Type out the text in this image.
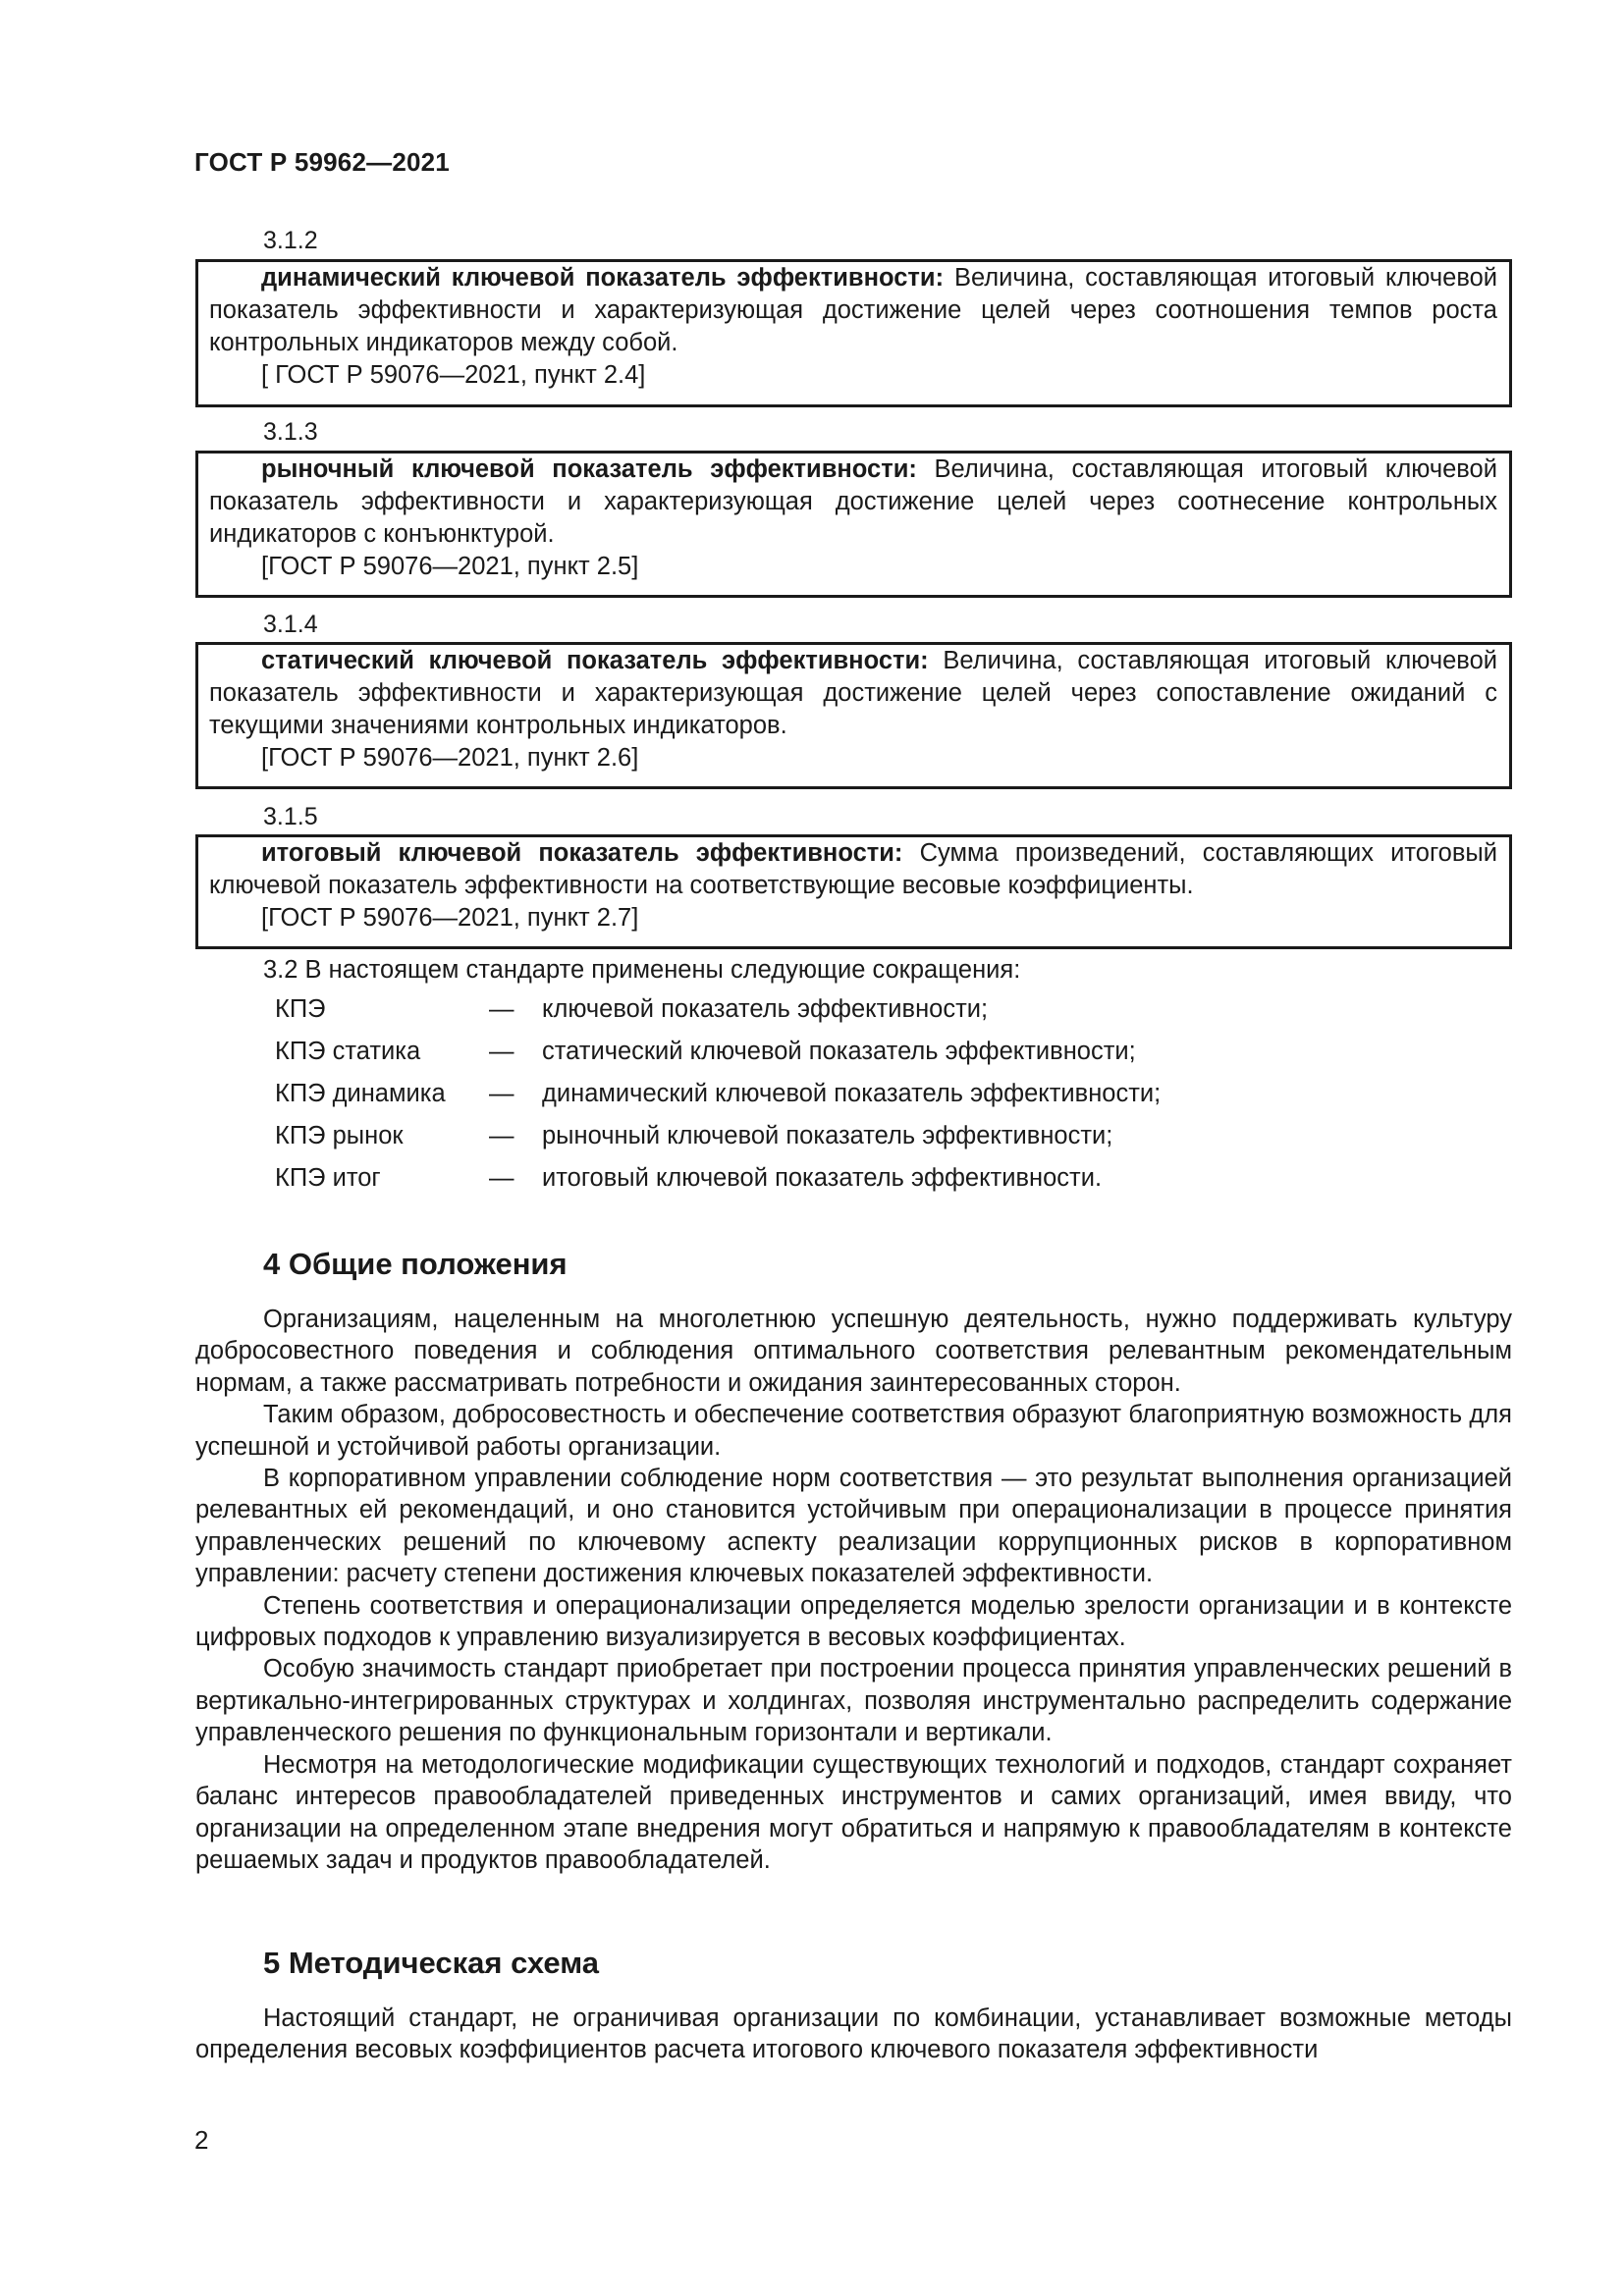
ГОСТ Р 59962—2021
3.1.2

динамический ключевой показатель эффективности: Величина, составляющая итоговый ключевой показатель эффективности и характеризующая достижение целей через соотношения темпов роста контрольных индикаторов между собой.

[ ГОСТ Р 59076—2021, пункт 2.4]

3.1.3

рыночный ключевой показатель эффективности: Величина, составляющая итоговый ключевой показатель эффективности и характеризующая достижение целей через соотнесение контрольных индикаторов с конъюнктурой.

[ГОСТ Р 59076—2021, пункт 2.5]

3.1.4

статический ключевой показатель эффективности: Величина, составляющая итоговый ключевой показатель эффективности и характеризующая достижение целей через сопоставление ожиданий с текущими значениями контрольных индикаторов.

[ГОСТ Р 59076—2021, пункт 2.6]

3.1.5

итоговый ключевой показатель эффективности: Сумма произведений, составляющих итоговый ключевой показатель эффективности на соответствующие весовые коэффициенты.

[ГОСТ Р 59076—2021, пункт 2.7]

3.2 В настоящем стандарте применены следующие сокращения:
КПЭ	—	ключевой показатель эффективности;
КПЭ статика	—	статический ключевой показатель эффективности;
КПЭ динамика	—	динамический ключевой показатель эффективности;
КПЭ рынок	—	рыночный ключевой показатель эффективности;
КПЭ итог	—	итоговый ключевой показатель эффективности.
4 Общие положения

Организациям, нацеленным на многолетнюю успешную деятельность, нужно поддерживать культуру добросовестного поведения и соблюдения оптимального соответствия релевантным рекомендательным нормам, а также рассматривать потребности и ожидания заинтересованных сторон.

Таким образом, добросовестность и обеспечение соответствия образуют благоприятную возможность для успешной и устойчивой работы организации.

В корпоративном управлении соблюдение норм соответствия — это результат выполнения организацией релевантных ей рекомендаций, и оно становится устойчивым при операционализации в процессе принятия управленческих решений по ключевому аспекту реализации коррупционных рисков в корпоративном управлении: расчету степени достижения ключевых показателей эффективности.

Степень соответствия и операционализации определяется моделью зрелости организации и в контексте цифровых подходов к управлению визуализируется в весовых коэффициентах.

Особую значимость стандарт приобретает при построении процесса принятия управленческих решений в вертикально-интегрированных структурах и холдингах, позволяя инструментально распределить содержание управленческого решения по функциональным горизонтали и вертикали.

Несмотря на методологические модификации существующих технологий и подходов, стандарт сохраняет баланс интересов правообладателей приведенных инструментов и самих организаций, имея ввиду, что организации на определенном этапе внедрения могут обратиться и напрямую к правообладателям в контексте решаемых задач и продуктов правообладателей.

5 Методическая схема

Настоящий стандарт, не ограничивая организации по комбинации, устанавливает возможные методы определения весовых коэффициентов расчета итогового ключевого показателя эффективности

2
